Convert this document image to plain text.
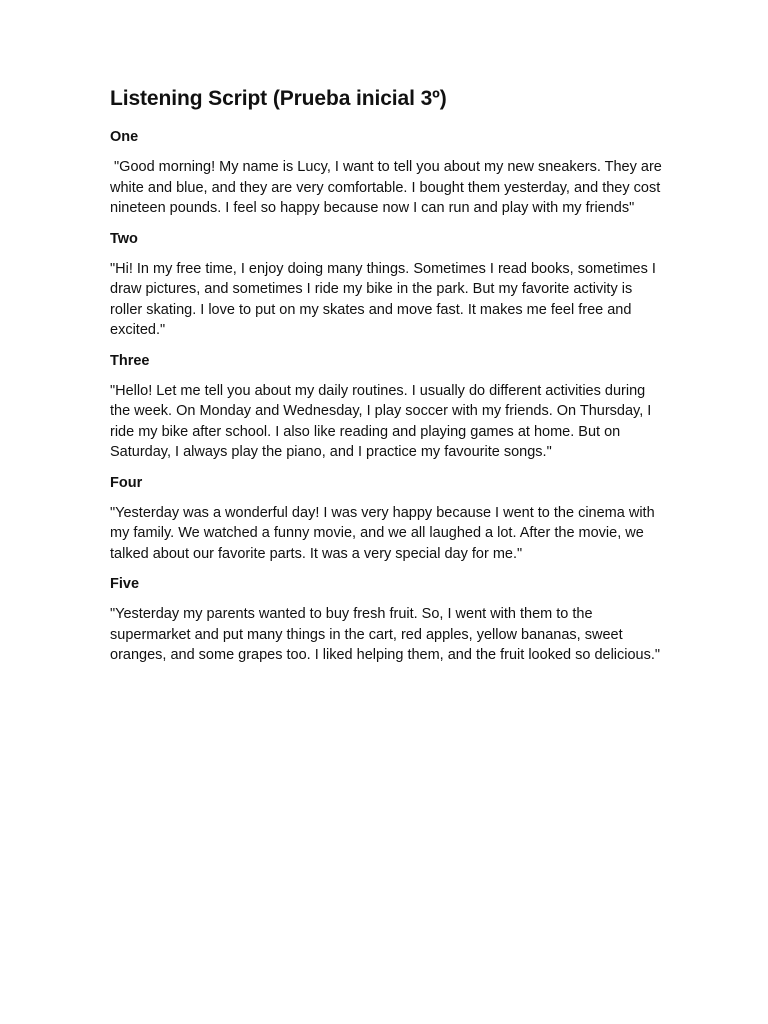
Listening Script (Prueba inicial 3º)
One

"Good morning! My name is Lucy, I want to tell you about my new sneakers. They are white and blue, and they are very comfortable. I bought them yesterday, and they cost nineteen pounds. I feel so happy because now I can run and play with my friends"

Two

"Hi! In my free time, I enjoy doing many things. Sometimes I read books, sometimes I draw pictures, and sometimes I ride my bike in the park. But my favorite activity is roller skating. I love to put on my skates and move fast. It makes me feel free and excited."

Three

"Hello! Let me tell you about my daily routines. I usually do different activities during the week. On Monday and Wednesday, I play soccer with my friends. On Thursday, I ride my bike after school. I also like reading and playing games at home. But on Saturday, I always play the piano, and I practice my favourite songs."

Four

"Yesterday was a wonderful day! I was very happy because I went to the cinema with my family. We watched a funny movie, and we all laughed a lot. After the movie, we talked about our favorite parts. It was a very special day for me."

Five

"Yesterday my parents wanted to buy fresh fruit. So, I went with them to the supermarket and put many things in the cart, red apples, yellow bananas, sweet oranges, and some grapes too. I liked helping them, and the fruit looked so delicious."
